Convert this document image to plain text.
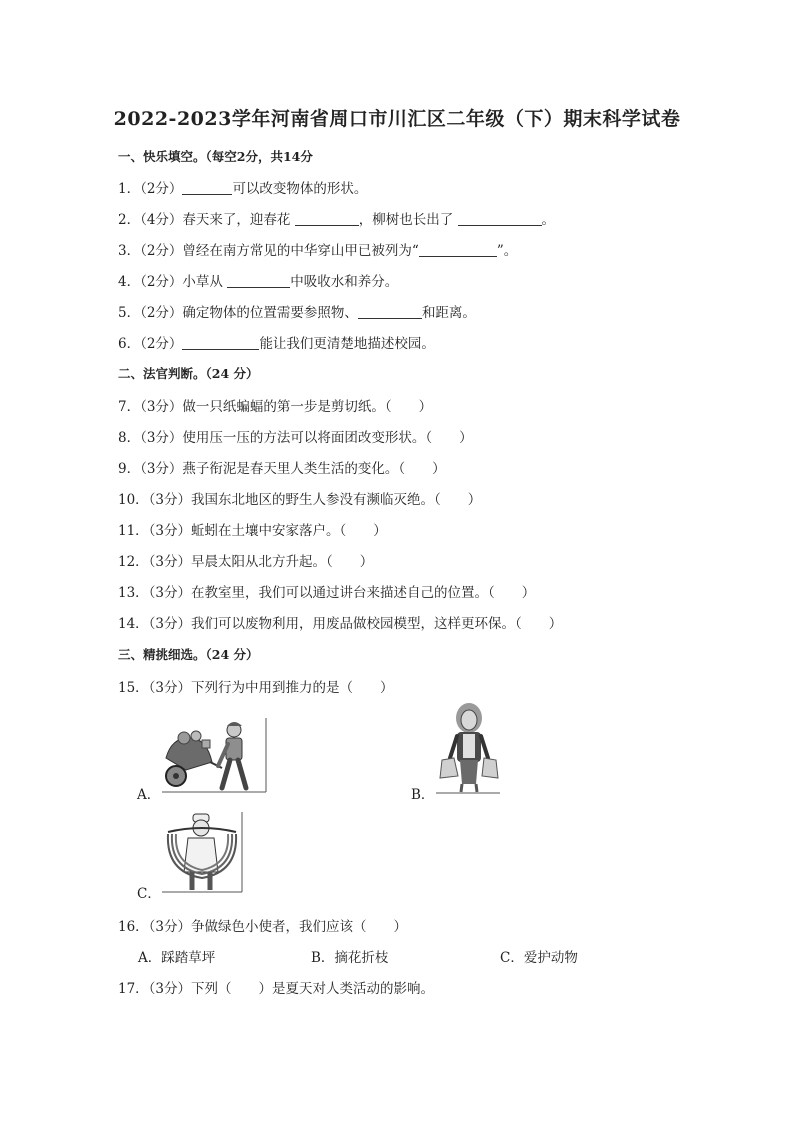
2022-2023学年河南省周口市川汇区二年级（下）期末科学试卷
一、快乐填空。（每空2分，共14分
1．（2分）	可以改变物体的形状。
2．（4分）春天来了，迎春花	，柳树也长出了	。
3．（2分）曾经在南方常见的中华穿山甲已被列为“	”。
4．（2分）小草从	中吸收水和养分。
5．（2分）确定物体的位置需要参照物、	和距离。
6．（2分）	能让我们更清楚地描述校园。
二、法官判断。（24 分）
7．（3分）做一只纸蝙蝠的第一步是剪切纸。（　　）
8．（3分）使用压一压的方法可以将面团改变形状。（　　）
9．（3分）燕子衔泥是春天里人类生活的变化。（　　）
10．（3分）我国东北地区的野生人参没有濒临灭绝。（　　）
11．（3分）蚯蚓在土壤中安家落户。（　　）
12．（3分）早晨太阳从北方升起。（　　）
13．（3分）在教室里，我们可以通过讲台来描述自己的位置。（　　）
14．（3分）我们可以废物利用，用废品做校园模型，这样更环保。（　　）
三、精挑细选。（24 分）
15．（3分）下列行为中用到推力的是（　　）
A．	B．
C．
16．（3分）争做绿色小使者，我们应该（　　）
A．踩踏草坪	B．摘花折枝	C．爱护动物
17．（3分）下列（　　）是夏天对人类活动的影响。
